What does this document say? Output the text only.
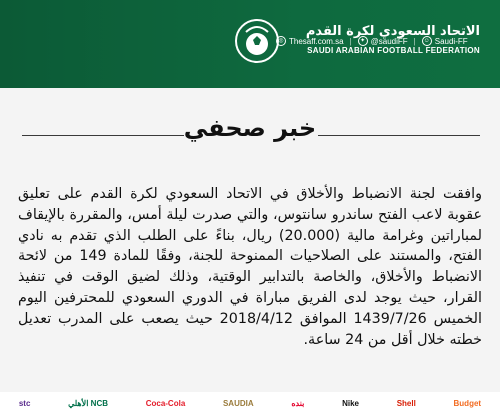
الاتحاد السعودي لكرة القدم
SAUDI ARABIAN FOOTBALL FEDERATION
◎ Thesaff.com.sa |	✦ @saudiFF |	☺ Saudi-FF
خبر صحفي
وافقت لجنة الانضباط والأخلاق في الاتحاد السعودي لكرة القدم على تعليق عقوبة لاعب الفتح ساندرو سانتوس، والتي صدرت ليلة أمس، والمقررة بالإيقاف لمباراتين وغرامة مالية (20.000) ريال، بناءً على الطلب الذي تقدم به نادي الفتح، والمستند على الصلاحيات الممنوحة للجنة، وفقًا للمادة 149 من لائحة الانضباط والأخلاق، والخاصة بالتدابير الوقتية، وذلك لضيق الوقت في تنفيذ القرار، حيث يوجد لدى الفريق مباراة في الدوري السعودي للمحترفين اليوم الخميس 1439/7/26 الموافق 2018/4/12 حيث يصعب على المدرب تعديل خطته خلال أقل من 24 ساعة.
stc	الأهلي NCB	Coca-Cola	SAUDIA	بنده	Nike	Shell	Budget
